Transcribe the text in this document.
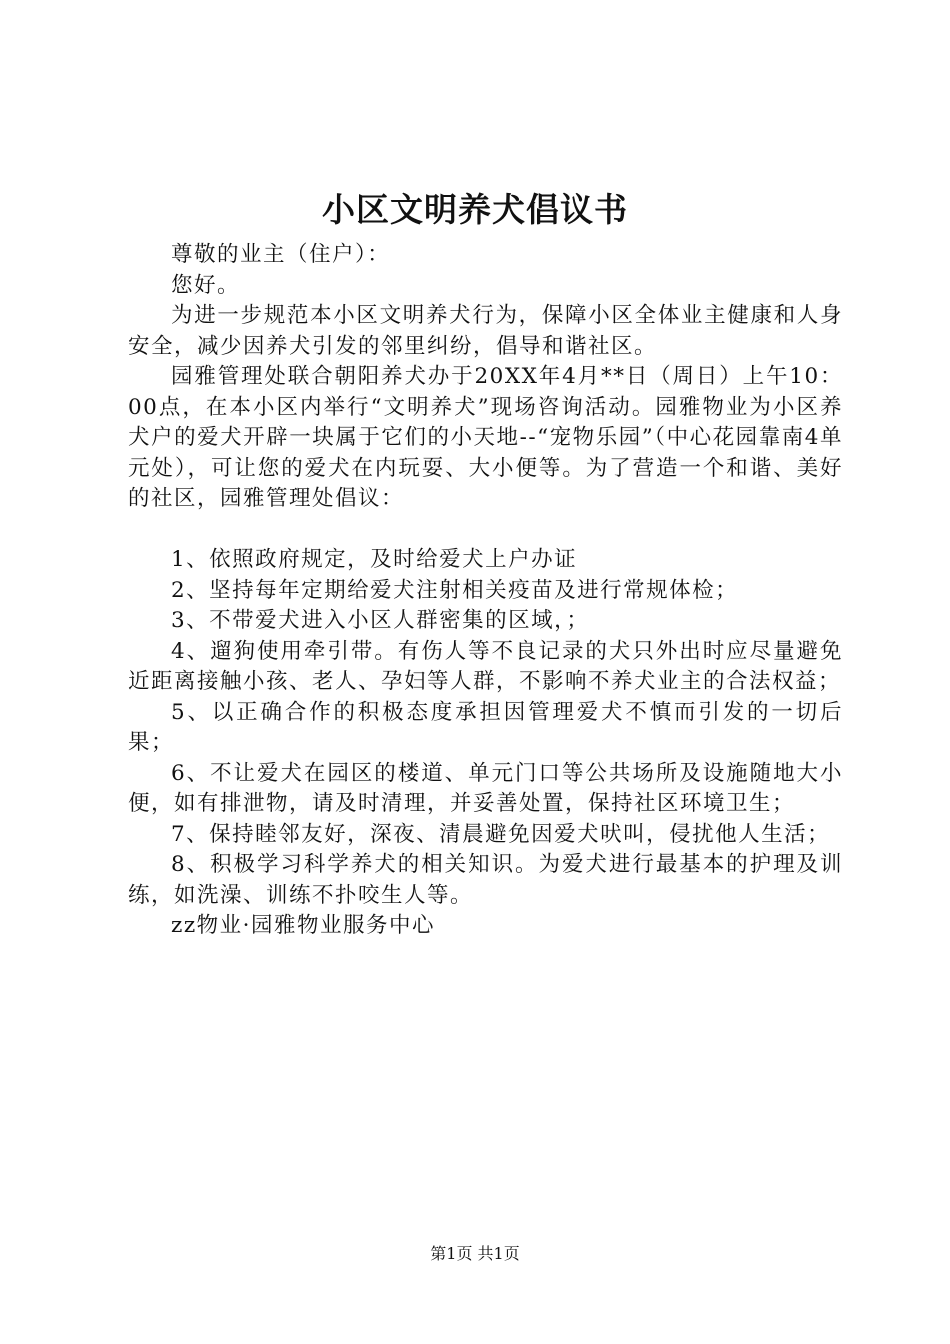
小区文明养犬倡议书

尊敬的业主（住户）：

您好。

为进一步规范本小区文明养犬行为，保障小区全体业主健康和人身安全，减少因养犬引发的邻里纠纷，倡导和谐社区。

园雅管理处联合朝阳养犬办于20XX年4月**日（周日）上午10：00点，在本小区内举行“文明养犬”现场咨询活动。园雅物业为小区养犬户的爱犬开辟一块属于它们的小天地--“宠物乐园”（中心花园靠南4单元处），可让您的爱犬在内玩耍、大小便等。为了营造一个和谐、美好的社区，园雅管理处倡议：

1、依照政府规定，及时给爱犬上户办证

2、坚持每年定期给爱犬注射相关疫苗及进行常规体检；

3、不带爱犬进入小区人群密集的区域，；

4、遛狗使用牵引带。有伤人等不良记录的犬只外出时应尽量避免近距离接触小孩、老人、孕妇等人群，不影响不养犬业主的合法权益；

5、以正确合作的积极态度承担因管理爱犬不慎而引发的一切后果；

6、不让爱犬在园区的楼道、单元门口等公共场所及设施随地大小便，如有排泄物，请及时清理，并妥善处置，保持社区环境卫生；

7、保持睦邻友好，深夜、清晨避免因爱犬吠叫，侵扰他人生活；

8、积极学习科学养犬的相关知识。为爱犬进行最基本的护理及训练，如洗澡、训练不扑咬生人等。

zz物业·园雅物业服务中心

第1页 共1页
